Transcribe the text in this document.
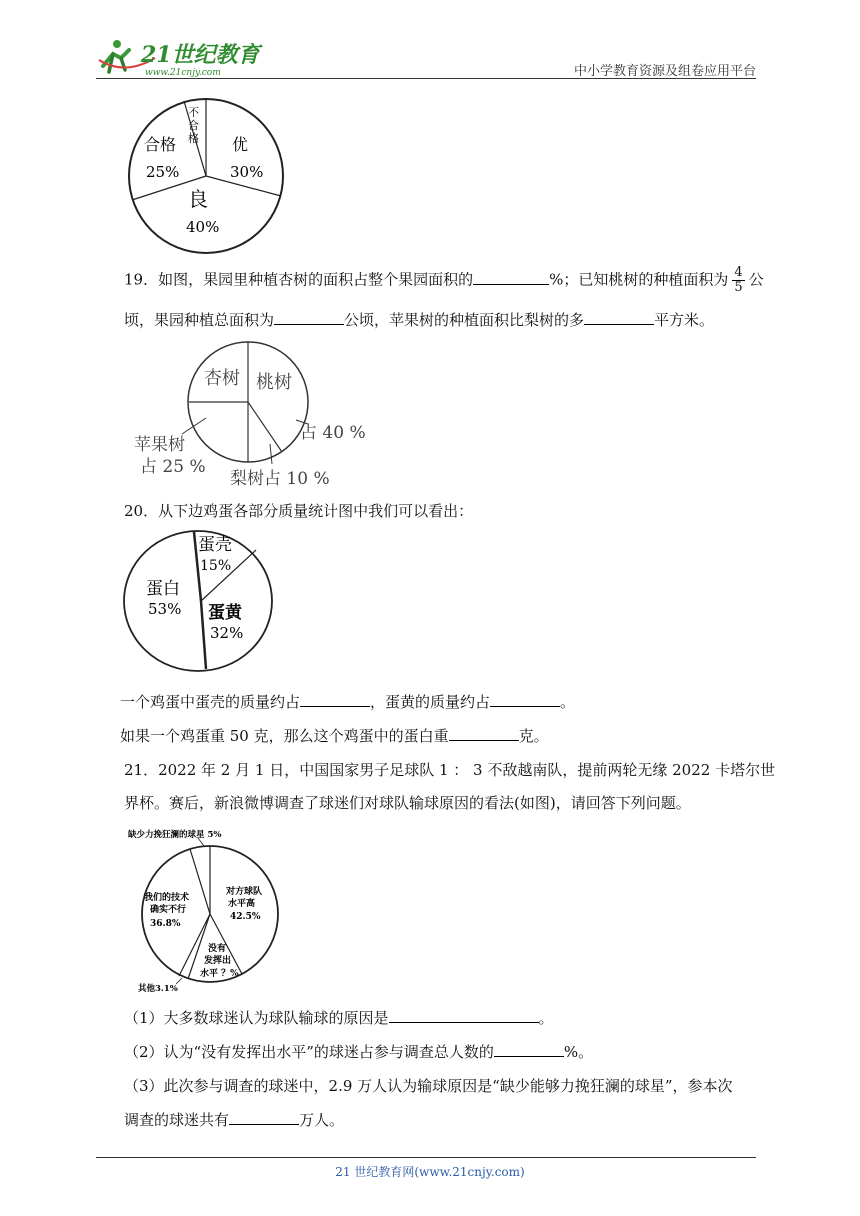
21世纪教育
www.21cnjy.com	中小学教育资源及组卷应用平台
不
合
格
合格
25%
优
30%
良
40%
19．如图，果园里种植杏树的面积占整个果园面积的	%；已知桃树的种植面积为 $\frac{4}{5}$ 公
顷，果园种植总面积为	公顷，苹果树的种植面积比梨树的多	平方米。
杏树 桃树
占 40 %
苹果树
占 25 %
梨树占 10 %
20．从下边鸡蛋各部分质量统计图中我们可以看出：
蛋壳
15%
蛋白
53% 蛋黄
32%
一个鸡蛋中蛋壳的质量约占	，蛋黄的质量约占	。
如果一个鸡蛋重 50 克，那么这个鸡蛋中的蛋白重	克。
21．2022 年 2 月 1 日，中国国家男子足球队 1 ： 3 不敌越南队，提前两轮无缘 2022 卡塔尔世
界杯。赛后，新浪微博调查了球迷们对球队输球原因的看法(如图)，请回答下列问题。
缺少力挽狂澜的球星 5%
我们的技术
确实不行
36.8%
对方球队
水平高
42.5%
没有
发挥出
水平 ？%
其他3.1%
（1）大多数球迷认为球队输球的原因是	。
（2）认为“没有发挥出水平”的球迷占参与调查总人数的	%。
（3）此次参与调查的球迷中，2.9 万人认为输球原因是“缺少能够力挽狂澜的球星”，参本次
调查的球迷共有	万人。
21 世纪教育网(www.21cnjy.com)
